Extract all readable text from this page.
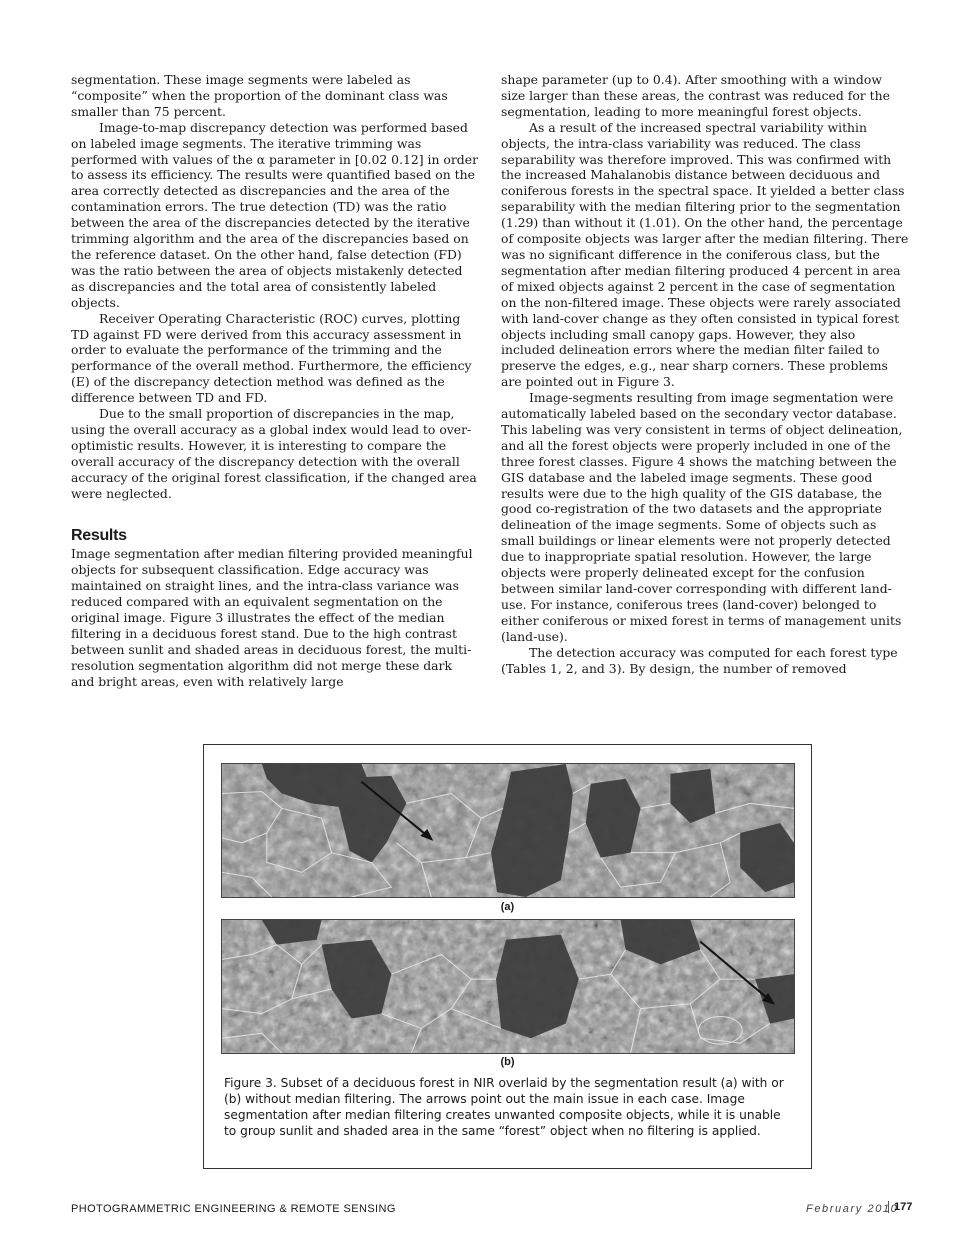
segmentation. These image segments were labeled as “composite” when the proportion of the dominant class was smaller than 75 percent.

Image-to-map discrepancy detection was performed based on labeled image segments. The iterative trimming was performed with values of the α parameter in [0.02 0.12] in order to assess its efficiency. The results were quantified based on the area correctly detected as discrepancies and the area of the contamination errors. The true detection (TD) was the ratio between the area of the discrepancies detected by the iterative trimming algorithm and the area of the discrepancies based on the reference dataset. On the other hand, false detection (FD) was the ratio between the area of objects mistakenly detected as discrepancies and the total area of consistently labeled objects.

Receiver Operating Characteristic (ROC) curves, plotting TD against FD were derived from this accuracy assessment in order to evaluate the performance of the trimming and the performance of the overall method. Furthermore, the efficiency (E) of the discrepancy detection method was defined as the difference between TD and FD.

Due to the small proportion of discrepancies in the map, using the overall accuracy as a global index would lead to over-optimistic results. However, it is interesting to compare the overall accuracy of the discrepancy detection with the overall accuracy of the original forest classification, if the changed area were neglected.

Results

Image segmentation after median filtering provided meaningful objects for subsequent classification. Edge accuracy was maintained on straight lines, and the intra-class variance was reduced compared with an equivalent segmentation on the original image. Figure 3 illustrates the effect of the median filtering in a deciduous forest stand. Due to the high contrast between sunlit and shaded areas in deciduous forest, the multi-resolution segmentation algorithm did not merge these dark and bright areas, even with relatively large

shape parameter (up to 0.4). After smoothing with a window size larger than these areas, the contrast was reduced for the segmentation, leading to more meaningful forest objects.

As a result of the increased spectral variability within objects, the intra-class variability was reduced. The class separability was therefore improved. This was confirmed with the increased Mahalanobis distance between deciduous and coniferous forests in the spectral space. It yielded a better class separability with the median filtering prior to the segmentation (1.29) than without it (1.01). On the other hand, the percentage of composite objects was larger after the median filtering. There was no significant difference in the coniferous class, but the segmentation after median filtering produced 4 percent in area of mixed objects against 2 percent in the case of segmentation on the non-filtered image. These objects were rarely associated with land-cover change as they often consisted in typical forest objects including small canopy gaps. However, they also included delineation errors where the median filter failed to preserve the edges, e.g., near sharp corners. These problems are pointed out in Figure 3.

Image-segments resulting from image segmentation were automatically labeled based on the secondary vector database. This labeling was very consistent in terms of object delineation, and all the forest objects were properly included in one of the three forest classes. Figure 4 shows the matching between the GIS database and the labeled image segments. These good results were due to the high quality of the GIS database, the good co-registration of the two datasets and the appropriate delineation of the image segments. Some of objects such as small buildings or linear elements were not properly detected due to inappropriate spatial resolution. However, the large objects were properly delineated except for the confusion between similar land-cover corresponding with different land-use. For instance, coniferous trees (land-cover) belonged to either coniferous or mixed forest in terms of management units (land-use).

The detection accuracy was computed for each forest type (Tables 1, 2, and 3). By design, the number of removed

(a)
(b)

Figure 3. Subset of a deciduous forest in NIR overlaid by the segmentation result (a) with or (b) without median filtering. The arrows point out the main issue in each case. Image segmentation after median filtering creates unwanted composite objects, while it is unable to group sunlit and shaded area in the same “forest” object when no filtering is applied.

PHOTOGRAMMETRIC ENGINEERING & REMOTE SENSING	February 2010
177
